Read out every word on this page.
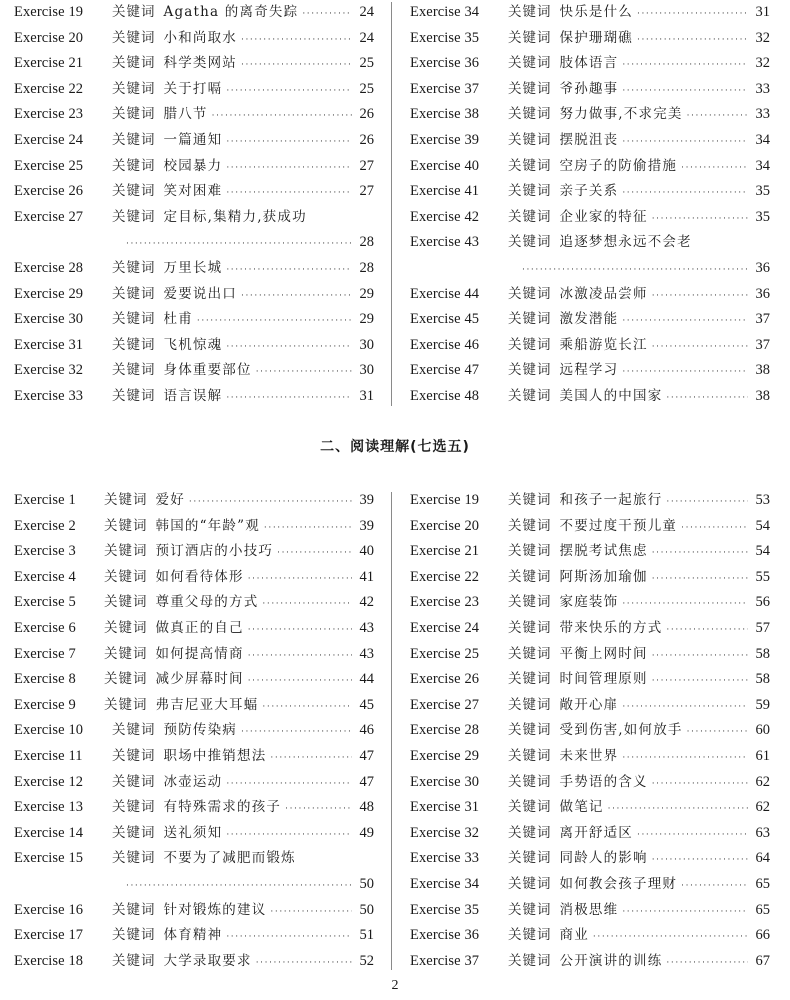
Exercise 19	关键词 Agatha 的离奇失踪 ·····	24
Exercise 20	关键词 小和尚取水 ·····	24
Exercise 21	关键词 科学类网站 ·····	25
Exercise 22	关键词 关于打嗝 ·····	25
Exercise 23	关键词 腊八节 ·····	26
Exercise 24	关键词 一篇通知 ·····	26
Exercise 25	关键词 校园暴力 ·····	27
Exercise 26	关键词 笑对困难 ·····	27
Exercise 27	关键词 定目标,集精力,获成功
·····
28
Exercise 28	关键词 万里长城 ·····	28
Exercise 29	关键词 爱要说出口 ·····	29
Exercise 30	关键词 杜甫 ·····	29
Exercise 31	关键词 飞机惊魂 ·····	30
Exercise 32	关键词 身体重要部位 ·····	30
Exercise 33	关键词 语言误解 ·····	31
Exercise 34	关键词 快乐是什么 ·····	31
Exercise 35	关键词 保护珊瑚礁 ·····	32
Exercise 36	关键词 肢体语言 ·····	32
Exercise 37	关键词 爷孙趣事 ·····	33
Exercise 38	关键词 努力做事,不求完美 ·····	33
Exercise 39	关键词 摆脱沮丧 ·····	34
Exercise 40	关键词 空房子的防偷措施 ·····	34
Exercise 41	关键词 亲子关系 ·····	35
Exercise 42	关键词 企业家的特征 ·····	35
Exercise 43	关键词 追逐梦想永远不会老
·····
36
Exercise 44	关键词 冰激凌品尝师 ·····	36
Exercise 45	关键词 激发潜能 ·····	37
Exercise 46	关键词 乘船游览长江 ·····	37
Exercise 47	关键词 远程学习 ·····	38
Exercise 48	关键词 美国人的中国家 ·····	38
二、阅读理解(七选五)
Exercise 1	关键词 爱好 ·····	39
Exercise 2	关键词 韩国的“年龄”观 ·····	39
Exercise 3	关键词 预订酒店的小技巧 ·····	40
Exercise 4	关键词 如何看待体形 ·····	41
Exercise 5	关键词 尊重父母的方式 ·····	42
Exercise 6	关键词 做真正的自己 ·····	43
Exercise 7	关键词 如何提高情商 ·····	43
Exercise 8	关键词 减少屏幕时间 ·····	44
Exercise 9	关键词 弗吉尼亚大耳蝠 ·····	45
Exercise 10	关键词 预防传染病 ·····	46
Exercise 11	关键词 职场中推销想法 ·····	47
Exercise 12	关键词 冰壶运动 ·····	47
Exercise 13	关键词 有特殊需求的孩子 ·····	48
Exercise 14	关键词 送礼须知 ·····	49
Exercise 15	关键词 不要为了减肥而锻炼
·····
50
Exercise 16	关键词 针对锻炼的建议 ·····	50
Exercise 17	关键词 体育精神 ·····	51
Exercise 18	关键词 大学录取要求 ·····	52
Exercise 19	关键词 和孩子一起旅行 ·····	53
Exercise 20	关键词 不要过度干预儿童 ·····	54
Exercise 21	关键词 摆脱考试焦虑 ·····	54
Exercise 22	关键词 阿斯汤加瑜伽 ·····	55
Exercise 23	关键词 家庭装饰 ·····	56
Exercise 24	关键词 带来快乐的方式 ·····	57
Exercise 25	关键词 平衡上网时间 ·····	58
Exercise 26	关键词 时间管理原则 ·····	58
Exercise 27	关键词 敞开心扉 ·····	59
Exercise 28	关键词 受到伤害,如何放手 ·····	60
Exercise 29	关键词 未来世界 ·····	61
Exercise 30	关键词 手势语的含义 ·····	62
Exercise 31	关键词 做笔记 ·····	62
Exercise 32	关键词 离开舒适区 ·····	63
Exercise 33	关键词 同龄人的影响 ·····	64
Exercise 34	关键词 如何教会孩子理财 ·····	65
Exercise 35	关键词 消极思维 ·····	65
Exercise 36	关键词 商业 ·····	66
Exercise 37	关键词 公开演讲的训练 ·····	67
2
